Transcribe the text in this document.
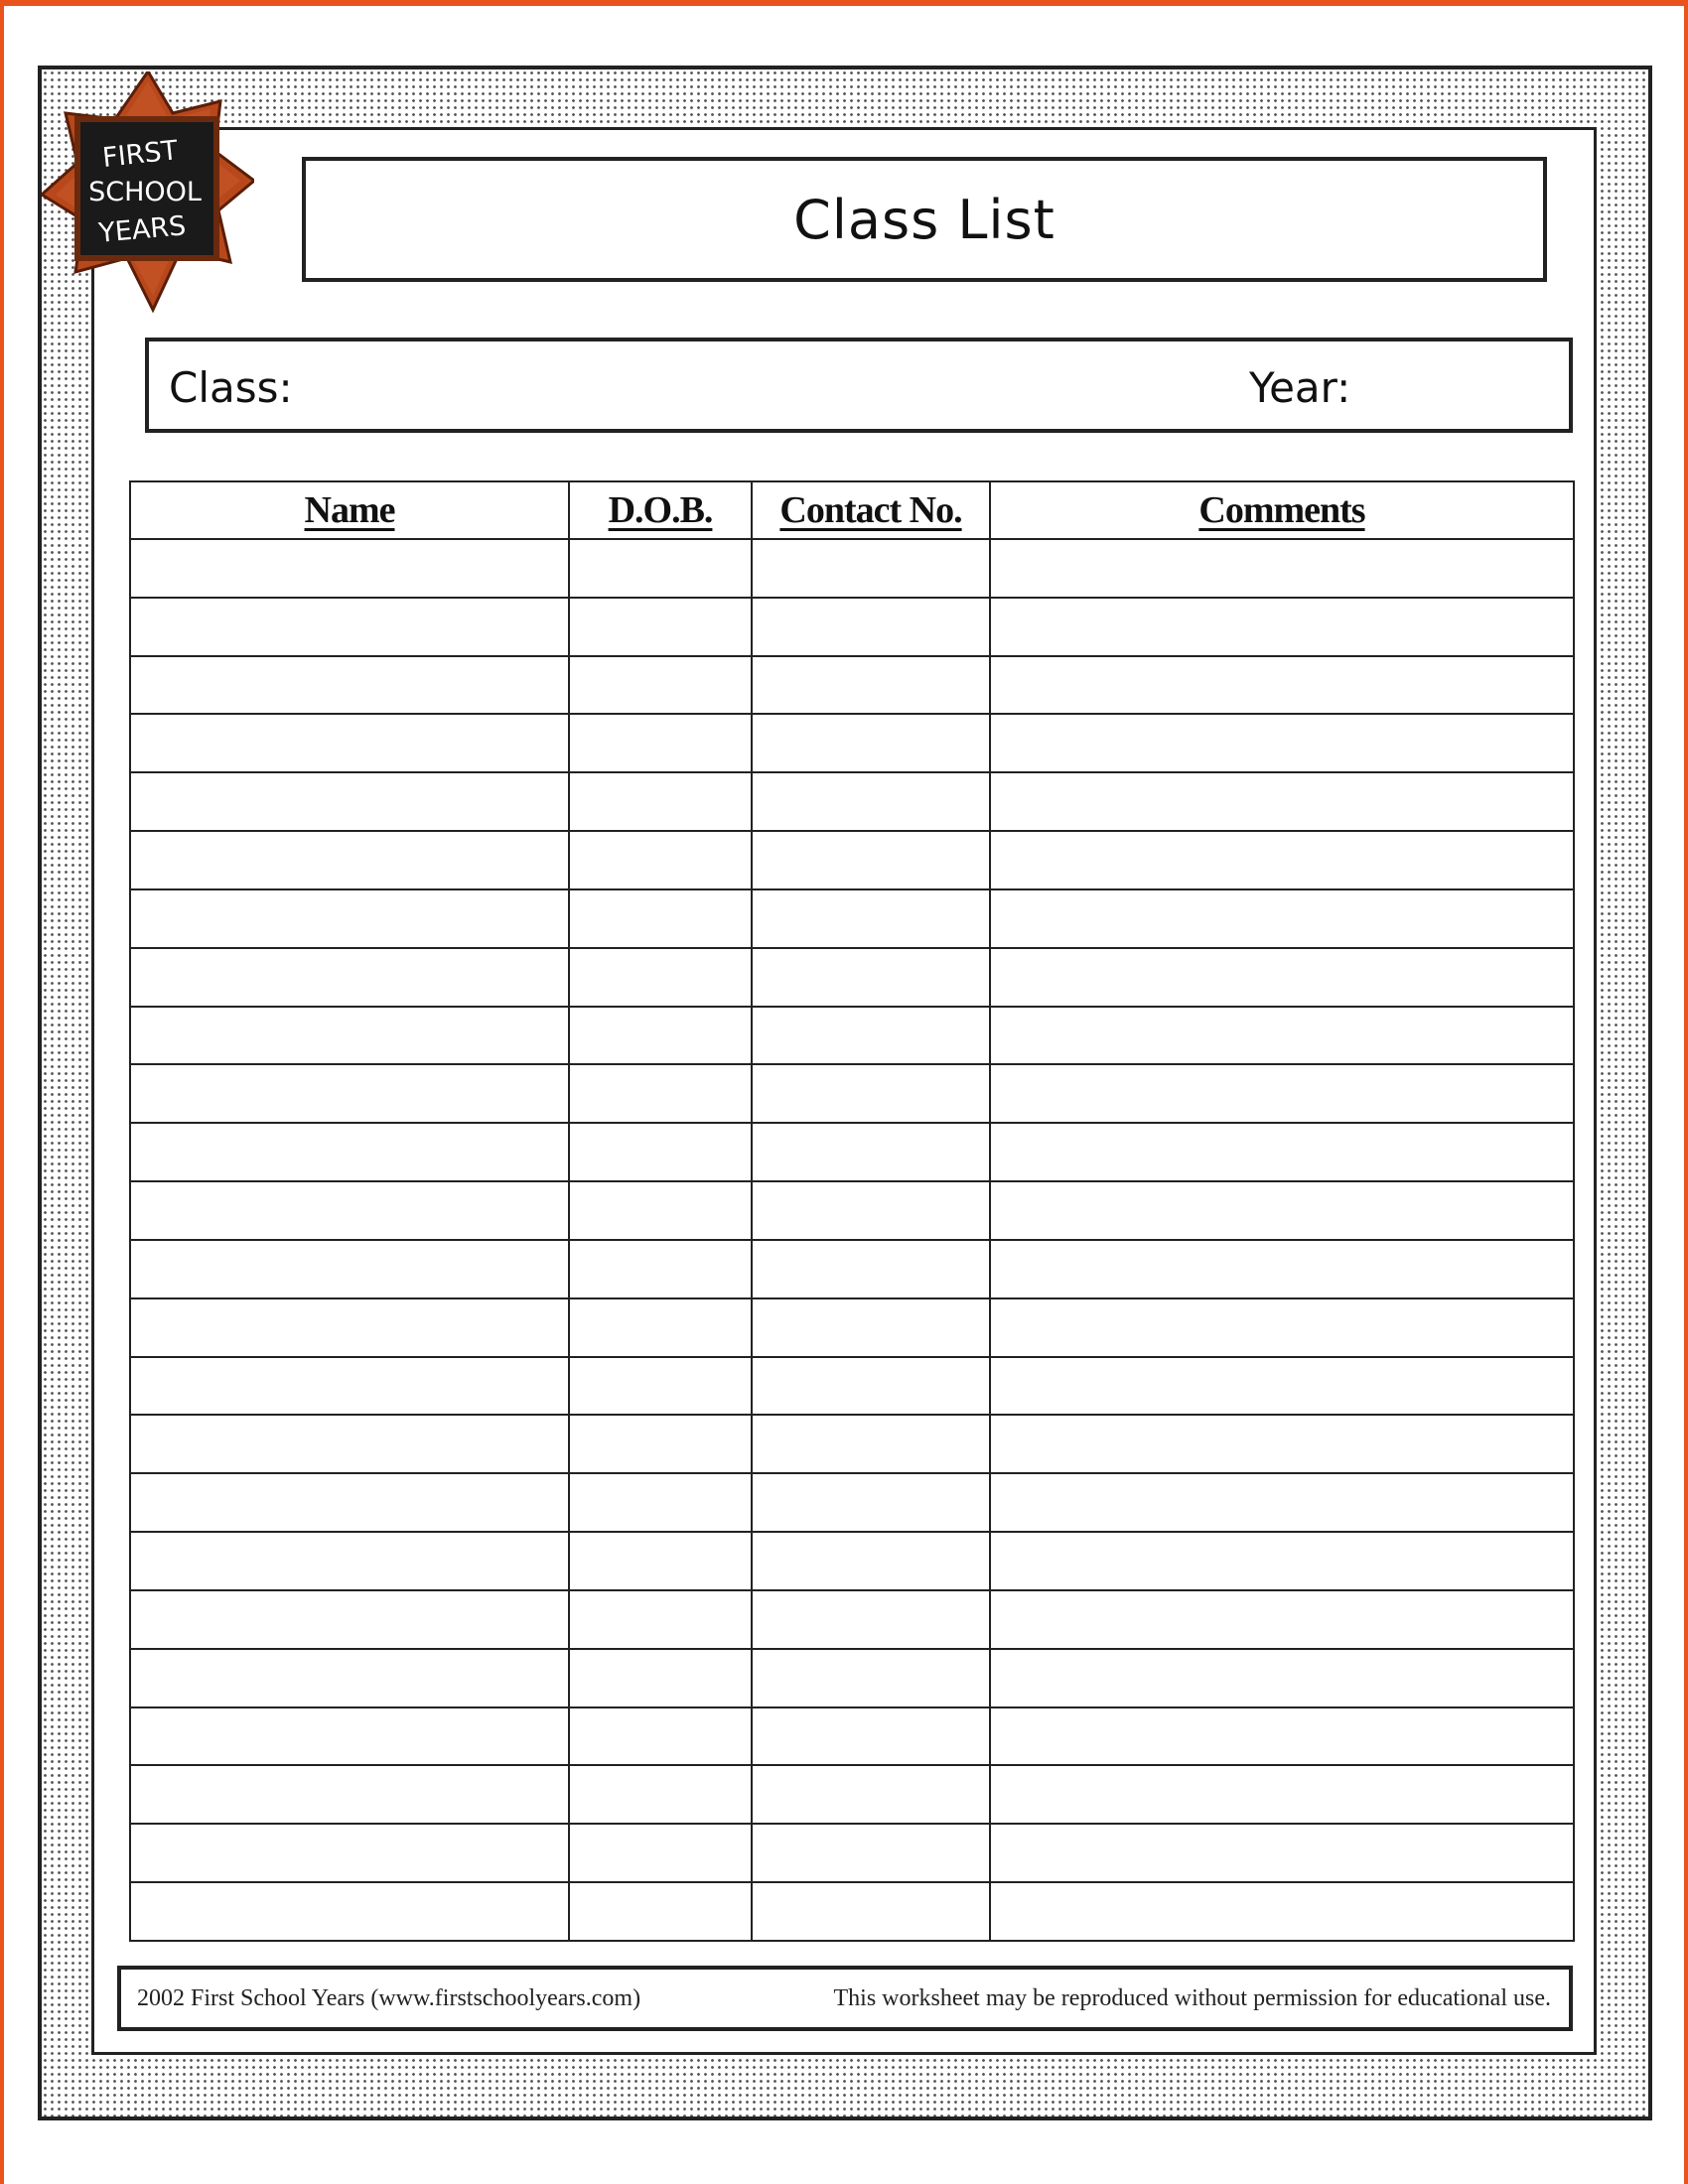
FIRST
SCHOOL
YEARS	Class List
Class:	Year:
Name	D.O.B.	Contact No.	Comments

2002 First School Years (www.firstschoolyears.com)	This worksheet may be reproduced without permission for educational use.
